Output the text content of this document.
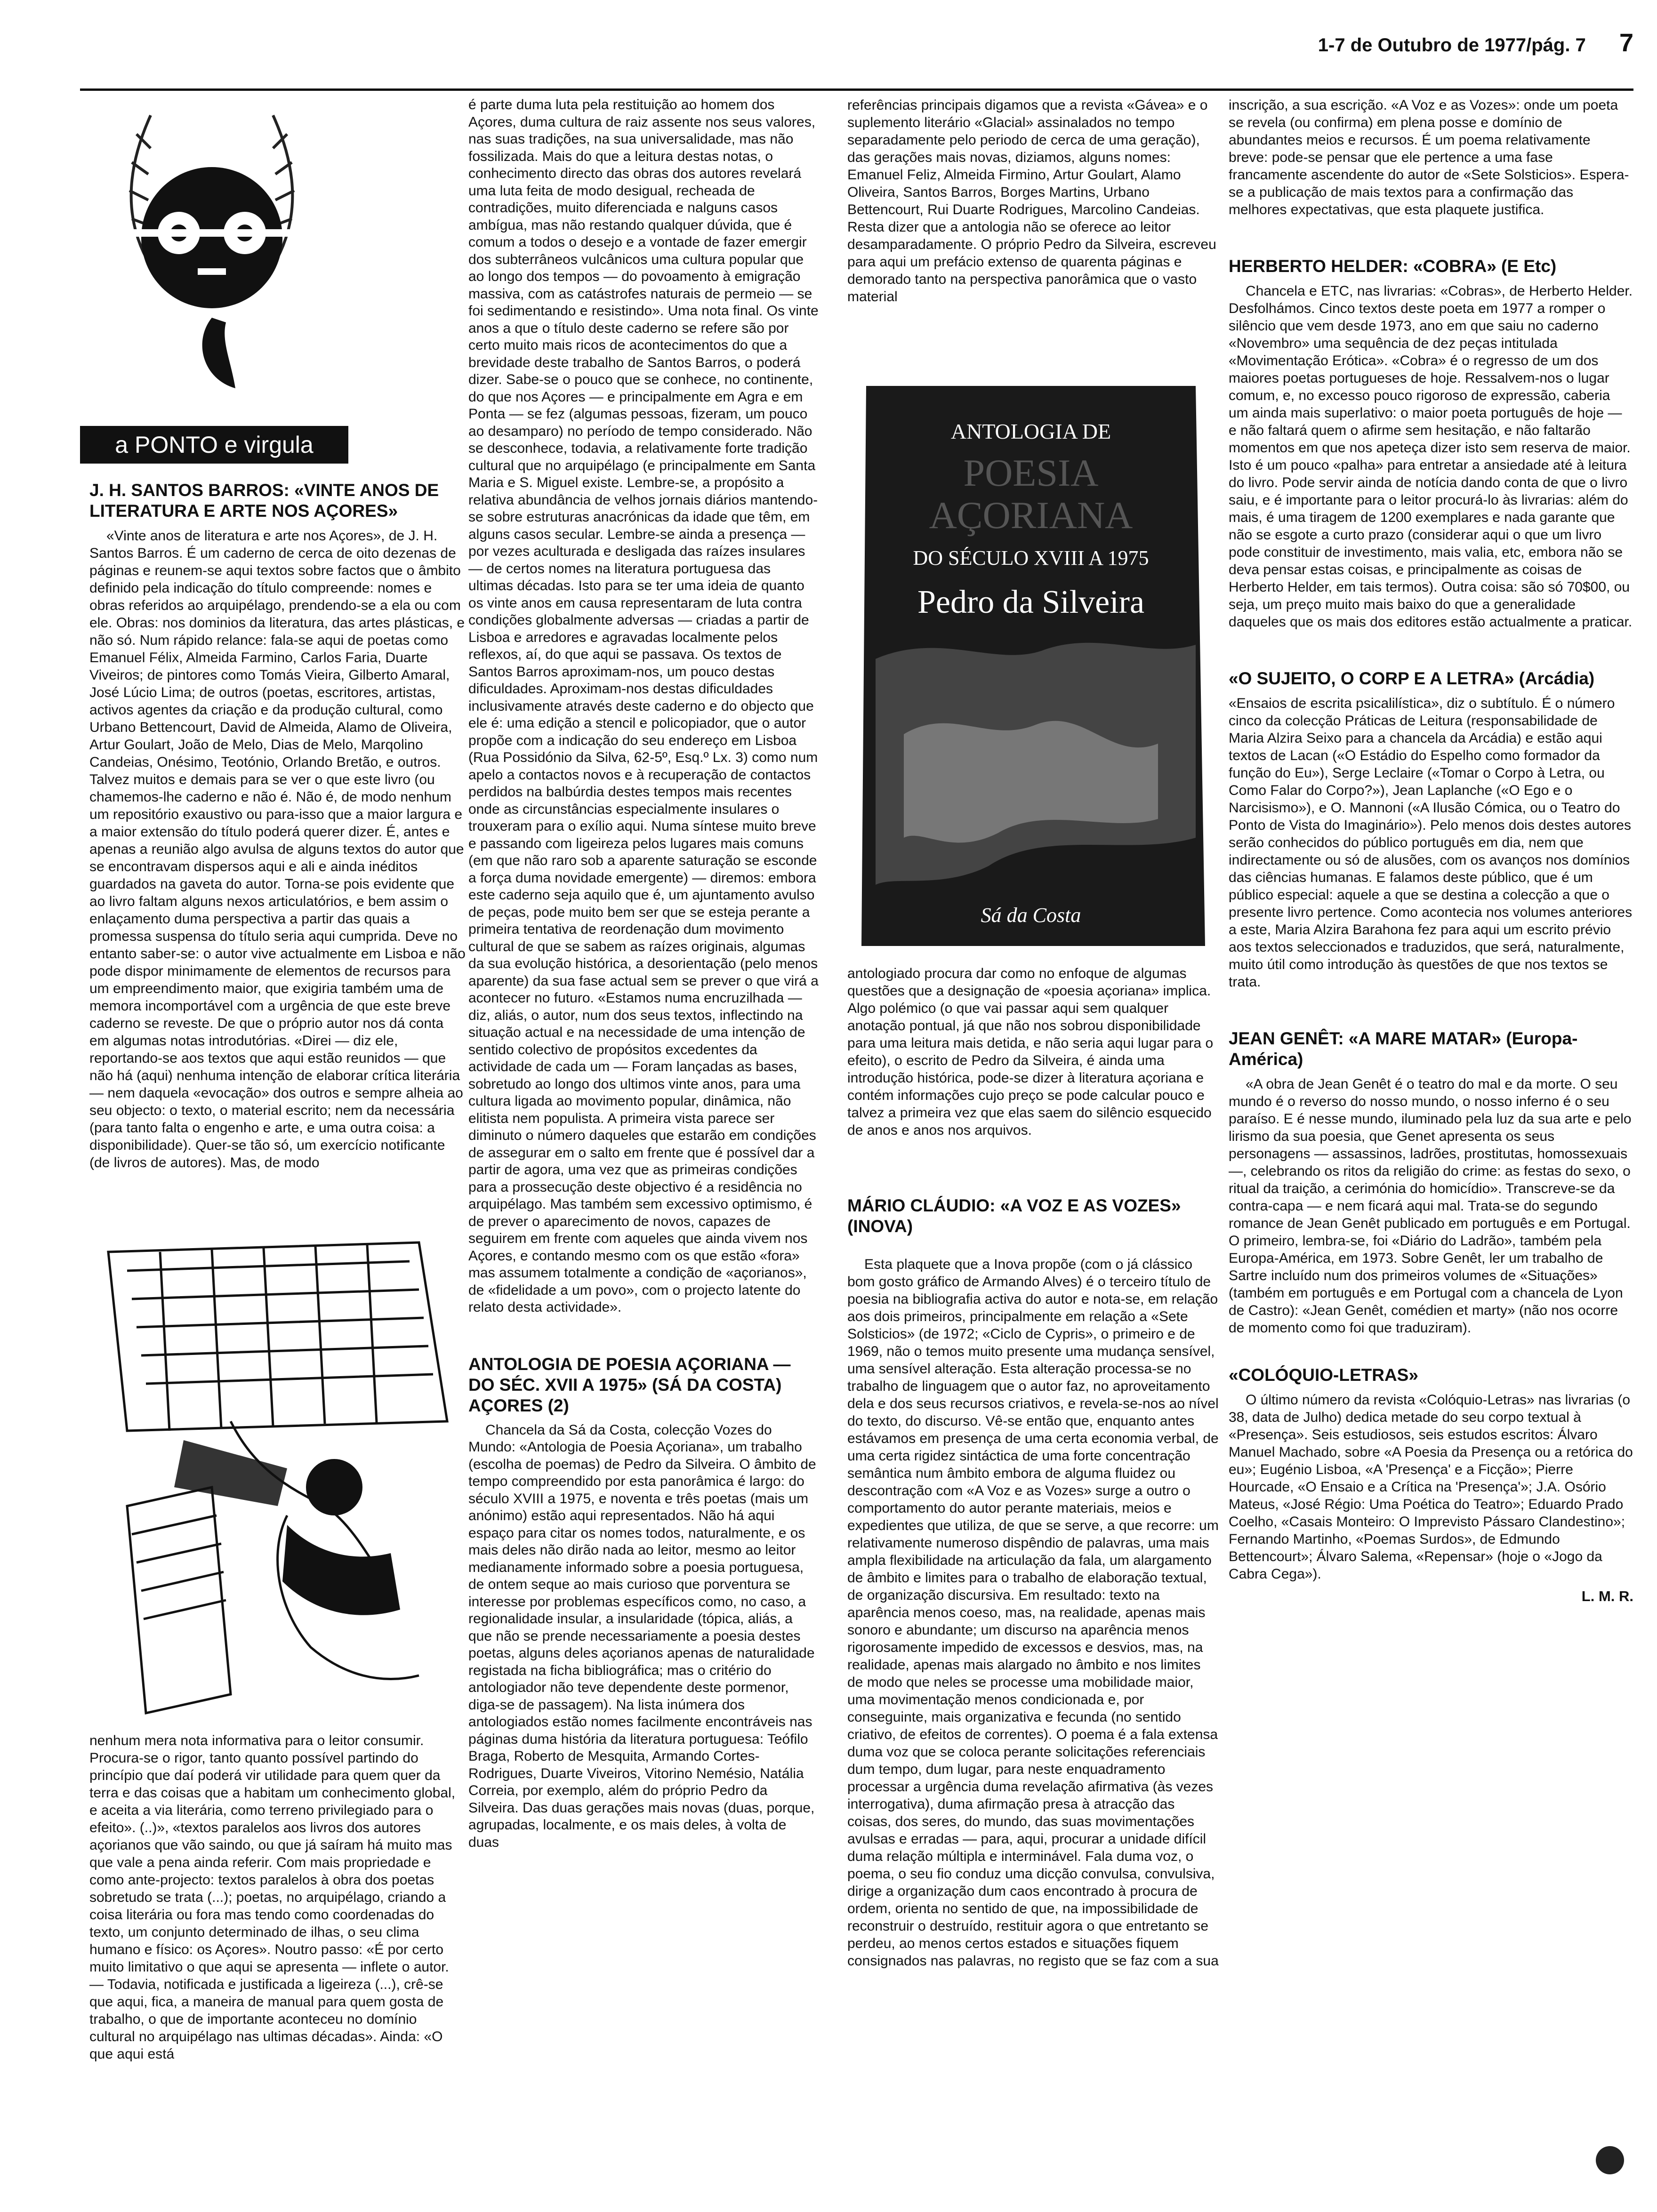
1-7 de Outubro de 1977/pág. 7 7
a PONTO e virgula
J. H. SANTOS BARROS: «VINTE ANOS DE LITERATURA E ARTE NOS AÇORES»

«Vinte anos de literatura e arte nos Açores», de J. H. Santos Barros. É um caderno de cerca de oito dezenas de páginas e reunem-se aqui textos sobre factos que o âmbito definido pela indicação do título compreende: nomes e obras referidos ao arquipélago, prendendo-se a ela ou com ele. Obras: nos dominios da literatura, das artes plásticas, e não só. Num rápido relance: fala-se aqui de poetas como Emanuel Félix, Almeida Farmino, Carlos Faria, Duarte Viveiros; de pintores como Tomás Vieira, Gilberto Amaral, José Lúcio Lima; de outros (poetas, escritores, artistas, activos agentes da criação e da produção cultural, como Urbano Bettencourt, David de Almeida, Alamo de Oliveira, Artur Goulart, João de Melo, Dias de Melo, Marqolino Candeias, Onésimo, Teotónio, Orlando Bretão, e outros. Talvez muitos e demais para se ver o que este livro (ou chamemos-lhe caderno e não é. Não é, de modo nenhum um repositório exaustivo ou para-isso que a maior largura e a maior extensão do título poderá querer dizer. É, antes e apenas a reunião algo avulsa de alguns textos do autor que se encontravam dispersos aqui e ali e ainda inéditos guardados na gaveta do autor. Torna-se pois evidente que ao livro faltam alguns nexos articulatórios, e bem assim o enlaçamento duma perspectiva a partir das quais a promessa suspensa do título seria aqui cumprida. Deve no entanto saber-se: o autor vive actualmente em Lisboa e não pode dispor minimamente de elementos de recursos para um empreendimento maior, que exigiria também uma de memora incomportável com a urgência de que este breve caderno se reveste. De que o próprio autor nos dá conta em algumas notas introdutórias. «Direi — diz ele, reportando-se aos textos que aqui estão reunidos — que não há (aqui) nenhuma intenção de elaborar crítica literária — nem daquela «evocação» dos outros e sempre alheia ao seu objecto: o texto, o material escrito; nem da necessária (para tanto falta o engenho e arte, e uma outra coisa: a disponibilidade). Quer-se tão só, um exercício notificante (de livros de autores). Mas, de modo

nenhum mera nota informativa para o leitor consumir. Procura-se o rigor, tanto quanto possível partindo do princípio que daí poderá vir utilidade para quem quer da terra e das coisas que a habitam um conhecimento global, e aceita a via literária, como terreno privilegiado para o efeito». (..)», «textos paralelos aos livros dos autores açorianos que vão saindo, ou que já saíram há muito mas que vale a pena ainda referir. Com mais propriedade e como ante-projecto: textos paralelos à obra dos poetas sobretudo se trata (...); poetas, no arquipélago, criando a coisa literária ou fora mas tendo como coordenadas do texto, um conjunto determinado de ilhas, o seu clima humano e físico: os Açores». Noutro passo: «É por certo muito limitativo o que aqui se apresenta — inflete o autor. — Todavia, notificada e justificada a ligeireza (...), crê-se que aqui, fica, a maneira de manual para quem gosta de trabalho, o que de importante aconteceu no domínio cultural no arquipélago nas ultimas décadas». Ainda: «O que aqui está

é parte duma luta pela restituição ao homem dos Açores, duma cultura de raiz assente nos seus valores, nas suas tradições, na sua universalidade, mas não fossilizada. Mais do que a leitura destas notas, o conhecimento directo das obras dos autores revelará uma luta feita de modo desigual, recheada de contradições, muito diferenciada e nalguns casos ambígua, mas não restando qualquer dúvida, que é comum a todos o desejo e a vontade de fazer emergir dos subterrâneos vulcânicos uma cultura popular que ao longo dos tempos — do povoamento à emigração massiva, com as catástrofes naturais de permeio — se foi sedimentando e resistindo». Uma nota final. Os vinte anos a que o título deste caderno se refere são por certo muito mais ricos de acontecimentos do que a brevidade deste trabalho de Santos Barros, o poderá dizer. Sabe-se o pouco que se conhece, no continente, do que nos Açores — e principalmente em Agra e em Ponta — se fez (algumas pessoas, fizeram, um pouco ao desamparo) no período de tempo considerado. Não se desconhece, todavia, a relativamente forte tradição cultural que no arquipélago (e principalmente em Santa Maria e S. Miguel existe. Lembre-se, a propósito a relativa abundância de velhos jornais diários mantendo-se sobre estruturas anacrónicas da idade que têm, em alguns casos secular. Lembre-se ainda a presença — por vezes aculturada e desligada das raízes insulares — de certos nomes na literatura portuguesa das ultimas décadas. Isto para se ter uma ideia de quanto os vinte anos em causa representaram de luta contra condições globalmente adversas — criadas a partir de Lisboa e arredores e agravadas localmente pelos reflexos, aí, do que aqui se passava. Os textos de Santos Barros aproximam-nos, um pouco destas dificuldades. Aproximam-nos destas dificuldades inclusivamente através deste caderno e do objecto que ele é: uma edição a stencil e policopiador, que o autor propõe com a indicação do seu endereço em Lisboa (Rua Possidónio da Silva, 62-5º, Esq.º Lx. 3) como num apelo a contactos novos e à recuperação de contactos perdidos na balbúrdia destes tempos mais recentes onde as circunstâncias especialmente insulares o trouxeram para o exílio aqui. Numa síntese muito breve e passando com ligeireza pelos lugares mais comuns (em que não raro sob a aparente saturação se esconde a força duma novidade emergente) — diremos: embora este caderno seja aquilo que é, um ajuntamento avulso de peças, pode muito bem ser que se esteja perante a primeira tentativa de reordenação dum movimento cultural de que se sabem as raízes originais, algumas da sua evolução histórica, a desorientação (pelo menos aparente) da sua fase actual sem se prever o que virá a acontecer no futuro. «Estamos numa encruzilhada — diz, aliás, o autor, num dos seus textos, inflectindo na situação actual e na necessidade de uma intenção de sentido colectivo de propósitos excedentes da actividade de cada um — Foram lançadas as bases, sobretudo ao longo dos ultimos vinte anos, para uma cultura ligada ao movimento popular, dinâmica, não elitista nem populista. A primeira vista parece ser diminuto o número daqueles que estarão em condições de assegurar em o salto em frente que é possível dar a partir de agora, uma vez que as primeiras condições para a prossecução deste objectivo é a residência no arquipélago. Mas também sem excessivo optimismo, é de prever o aparecimento de novos, capazes de seguirem em frente com aqueles que ainda vivem nos Açores, e contando mesmo com os que estão «fora» mas assumem totalmente a condição de «açorianos», de «fidelidade a um povo», com o projecto latente do relato desta actividade».

ANTOLOGIA DE POESIA AÇORIANA — DO SÉC. XVII A 1975» (SÁ DA COSTA) AÇORES (2)

Chancela da Sá da Costa, colecção Vozes do Mundo: «Antologia de Poesia Açoriana», um trabalho (escolha de poemas) de Pedro da Silveira. O âmbito de tempo compreendido por esta panorâmica é largo: do século XVIII a 1975, e noventa e três poetas (mais um anónimo) estão aqui representados. Não há aqui espaço para citar os nomes todos, naturalmente, e os mais deles não dirão nada ao leitor, mesmo ao leitor medianamente informado sobre a poesia portuguesa, de ontem seque ao mais curioso que porventura se interesse por problemas específicos como, no caso, a regionalidade insular, a insularidade (tópica, aliás, a que não se prende necessariamente a poesia destes poetas, alguns deles açorianos apenas de naturalidade registada na ficha bibliográfica; mas o critério do antologiador não teve dependente deste pormenor, diga-se de passagem). Na lista inúmera dos antologiados estão nomes facilmente encontráveis nas páginas duma história da literatura portuguesa: Teófilo Braga, Roberto de Mesquita, Armando Cortes-Rodrigues, Duarte Viveiros, Vitorino Nemésio, Natália Correia, por exemplo, além do próprio Pedro da Silveira. Das duas gerações mais novas (duas, porque, agrupadas, localmente, e os mais deles, à volta de duas

referências principais digamos que a revista «Gávea» e o suplemento literário «Glacial» assinalados no tempo separadamente pelo periodo de cerca de uma geração), das gerações mais novas, diziamos, alguns nomes: Emanuel Feliz, Almeida Firmino, Artur Goulart, Alamo Oliveira, Santos Barros, Borges Martins, Urbano Bettencourt, Rui Duarte Rodrigues, Marcolino Candeias. Resta dizer que a antologia não se oferece ao leitor desamparadamente. O próprio Pedro da Silveira, escreveu para aqui um prefácio extenso de quarenta páginas e demorado tanto na perspectiva panorâmica que o vasto material

ANTOLOGIA DE
POESIA AÇORIANA
DO SÉCULO XVIII A 1975
Pedro da Silveira
Sá da Costa

antologiado procura dar como no enfoque de algumas questões que a designação de «poesia açoriana» implica. Algo polémico (o que vai passar aqui sem qualquer anotação pontual, já que não nos sobrou disponibilidade para uma leitura mais detida, e não seria aqui lugar para o efeito), o escrito de Pedro da Silveira, é ainda uma introdução histórica, pode-se dizer à literatura açoriana e contém informações cujo preço se pode calcular pouco e talvez a primeira vez que elas saem do silêncio esquecido de anos e anos nos arquivos.

MÁRIO CLÁUDIO: «A VOZ E AS VOZES» (INOVA)

Esta plaquete que a Inova propõe (com o já clássico bom gosto gráfico de Armando Alves) é o terceiro título de poesia na bibliografia activa do autor e nota-se, em relação aos dois primeiros, principalmente em relação a «Sete Solsticios» (de 1972; «Ciclo de Cypris», o primeiro e de 1969, não o temos muito presente uma mudança sensível, uma sensível alteração. Esta alteração processa-se no trabalho de linguagem que o autor faz, no aproveitamento dela e dos seus recursos criativos, e revela-se-nos ao nível do texto, do discurso. Vê-se então que, enquanto antes estávamos em presença de uma certa economia verbal, de uma certa rigidez sintáctica de uma forte concentração semântica num âmbito embora de alguma fluidez ou descontração com «A Voz e as Vozes» surge a outro o comportamento do autor perante materiais, meios e expedientes que utiliza, de que se serve, a que recorre: um relativamente numeroso dispêndio de palavras, uma mais ampla flexibilidade na articulação da fala, um alargamento de âmbito e limites para o trabalho de elaboração textual, de organização discursiva. Em resultado: texto na aparência menos coeso, mas, na realidade, apenas mais sonoro e abundante; um discurso na aparência menos rigorosamente impedido de excessos e desvios, mas, na realidade, apenas mais alargado no âmbito e nos limites de modo que neles se processe uma mobilidade maior, uma movimentação menos condicionada e, por conseguinte, mais organizativa e fecunda (no sentido criativo, de efeitos de correntes). O poema é a fala extensa duma voz que se coloca perante solicitações referenciais dum tempo, dum lugar, para neste enquadramento processar a urgência duma revelação afirmativa (às vezes interrogativa), duma afirmação presa à atracção das coisas, dos seres, do mundo, das suas movimentações avulsas e erradas — para, aqui, procurar a unidade difícil duma relação múltipla e interminável. Fala duma voz, o poema, o seu fio conduz uma dicção convulsa, convulsiva, dirige a organização dum caos encontrado à procura de ordem, orienta no sentido de que, na impossibilidade de reconstruir o destruído, restituir agora o que entretanto se perdeu, ao menos certos estados e situações fiquem consignados nas palavras, no registo que se faz com a sua

inscrição, a sua escrição. «A Voz e as Vozes»: onde um poeta se revela (ou confirma) em plena posse e domínio de abundantes meios e recursos. É um poema relativamente breve: pode-se pensar que ele pertence a uma fase francamente ascendente do autor de «Sete Solsticios». Espera-se a publicação de mais textos para a confirmação das melhores expectativas, que esta plaquete justifica.

HERBERTO HELDER: «COBRA» (E Etc)

Chancela e ETC, nas livrarias: «Cobras», de Herberto Helder. Desfolhámos. Cinco textos deste poeta em 1977 a romper o silêncio que vem desde 1973, ano em que saiu no caderno «Novembro» uma sequência de dez peças intitulada «Movimentação Erótica». «Cobra» é o regresso de um dos maiores poetas portugueses de hoje. Ressalvem-nos o lugar comum, e, no excesso pouco rigoroso de expressão, caberia um ainda mais superlativo: o maior poeta português de hoje — e não faltará quem o afirme sem hesitação, e não faltarão momentos em que nos apeteça dizer isto sem reserva de maior. Isto é um pouco «palha» para entretar a ansiedade até à leitura do livro. Pode servir ainda de notícia dando conta de que o livro saiu, e é importante para o leitor procurá-lo às livrarias: além do mais, é uma tiragem de 1200 exemplares e nada garante que não se esgote a curto prazo (considerar aqui o que um livro pode constituir de investimento, mais valia, etc, embora não se deva pensar estas coisas, e principalmente as coisas de Herberto Helder, em tais termos). Outra coisa: são só 70$00, ou seja, um preço muito mais baixo do que a generalidade daqueles que os mais dos editores estão actualmente a praticar.

«O SUJEITO, O CORP E A LETRA» (Arcádia)

«Ensaios de escrita psicalilística», diz o subtítulo. É o número cinco da colecção Práticas de Leitura (responsabilidade de Maria Alzira Seixo para a chancela da Arcádia) e estão aqui textos de Lacan («O Estádio do Espelho como formador da função do Eu»), Serge Leclaire («Tomar o Corpo à Letra, ou Como Falar do Corpo?»), Jean Laplanche («O Ego e o Narcisismo»), e O. Mannoni («A Ilusão Cómica, ou o Teatro do Ponto de Vista do Imaginário»). Pelo menos dois destes autores serão conhecidos do público português em dia, nem que indirectamente ou só de alusões, com os avanços nos domínios das ciências humanas. E falamos deste público, que é um público especial: aquele a que se destina a colecção a que o presente livro pertence. Como acontecia nos volumes anteriores a este, Maria Alzira Barahona fez para aqui um escrito prévio aos textos seleccionados e traduzidos, que será, naturalmente, muito útil como introdução às questões de que nos textos se trata.

JEAN GENÊT: «A MARE MATAR» (Europa-América)

«A obra de Jean Genêt é o teatro do mal e da morte. O seu mundo é o reverso do nosso mundo, o nosso inferno é o seu paraíso. E é nesse mundo, iluminado pela luz da sua arte e pelo lirismo da sua poesia, que Genet apresenta os seus personagens — assassinos, ladrões, prostitutas, homossexuais —, celebrando os ritos da religião do crime: as festas do sexo, o ritual da traição, a cerimónia do homicídio». Transcreve-se da contra-capa — e nem ficará aqui mal. Trata-se do segundo romance de Jean Genêt publicado em português e em Portugal. O primeiro, lembra-se, foi «Diário do Ladrão», também pela Europa-América, em 1973. Sobre Genêt, ler um trabalho de Sartre incluído num dos primeiros volumes de «Situações» (também em português e em Portugal com a chancela de Lyon de Castro): «Jean Genêt, comédien et marty» (não nos ocorre de momento como foi que traduziram).

«COLÓQUIO-LETRAS»

O último número da revista «Colóquio-Letras» nas livrarias (o 38, data de Julho) dedica metade do seu corpo textual à «Presença». Seis estudiosos, seis estudos escritos: Álvaro Manuel Machado, sobre «A Poesia da Presença ou a retórica do eu»; Eugénio Lisboa, «A 'Presença' e a Ficção»; Pierre Hourcade, «O Ensaio e a Crítica na 'Presença'»; J.A. Osório Mateus, «José Régio: Uma Poética do Teatro»; Eduardo Prado Coelho, «Casais Monteiro: O Imprevisto Pássaro Clandestino»; Fernando Martinho, «Poemas Surdos», de Edmundo Bettencourt»; Álvaro Salema, «Repensar» (hoje o «Jogo da Cabra Cega»).

L. M. R.
